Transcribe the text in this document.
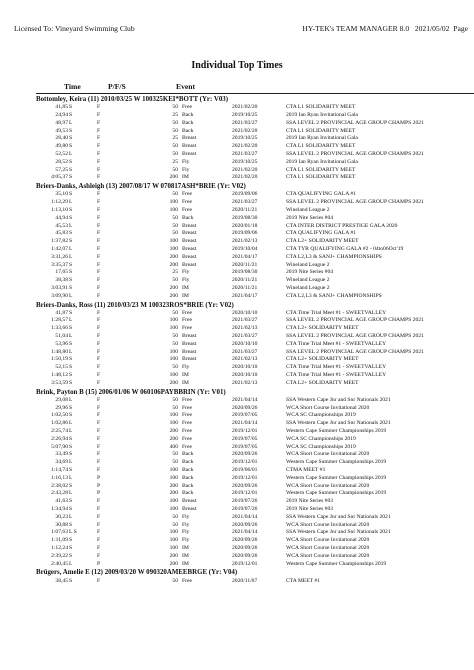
Licensed To: Vineyard Swimming Club	HY-TEK's TEAM MANAGER 8.0 2021/05/02 Page
Individual Top Times
Time	P/F/S	Event
Bottomley, Keira (11) 2010/03/25 W 100325KEI*BOTT (Yr: V03)
41,85 S	F	50 Free	2021/02/20	CTA L1 SOLIDARITY MEET
24,94 S	F	25 Back	2019/10/25	2019 Ian Ryan Invitational Gala
48,97 L	F	50 Back	2021/03/27	SSA LEVEL 2 PROVINCIAL AGE GROUP CHAMPS 2021
49,53 S	F	50 Back	2021/02/20	CTA L1 SOLIDARITY MEET
28,40 S	F	25 Breast	2019/10/25	2019 Ian Ryan Invitational Gala
49,80 S	F	50 Breast	2021/02/20	CTA L1 SOLIDARITY MEET
52,52 L	F	50 Breast	2021/03/27	SSA LEVEL 2 PROVINCIAL AGE GROUP CHAMPS 2021
28,52 S	F	25 Fly	2019/10/25	2019 Ian Ryan Invitational Gala
57,25 S	F	50 Fly	2021/02/20	CTA L1 SOLIDARITY MEET
4:05,37 S	F	200 IM	2021/02/20	CTA L1 SOLIDARITY MEET
Briers-Danks, Ashleigh (13) 2007/08/17 W 070817ASH*BRIE (Yr: V02)
35,10 S	F	50 Free	2019/09/06	CTA QUALIFYING GALA #1
1:12,29 L	F	100 Free	2021/03/27	SSA LEVEL 2 PROVINCIAL AGE GROUP CHAMPS 2021
1:13,10 S	F	100 Free	2020/11/21	Wineland League 2
44,94 S	F	50 Back	2019/08/30	2019 Nite Series #04
45,53 L	F	50 Breast	2020/01/18	CTA INTER DISTRICT PRESTIGE GALA 2020
45,83 S	F	50 Breast	2019/09/06	CTA QUALIFYING GALA #1
1:37,82 S	F	100 Breast	2021/02/13	CTA L2+ SOLIDARITY MEET
1:42,07 L	F	100 Breast	2019/10/04	CTA TYR QUALIFYING GALA #2 - 04to06Oct'19
3:31,26 L	F	200 Breast	2021/04/17	CTA L2,L3 & SANJ+ CHAMPIONSHIPS
3:35,37 S	F	200 Breast	2020/11/21	Wineland League 2
17,65 S	F	25 Fly	2019/08/30	2019 Nite Series #04
38,38 S	F	50 Fly	2020/11/21	Wineland League 2
3:03,91 S	F	200 IM	2020/11/21	Wineland League 2
3:09,90 L	F	200 IM	2021/04/17	CTA L2,L3 & SANJ+ CHAMPIONSHIPS
Briers-Danks, Ross (11) 2010/03/23 M 100323ROS*BRIE (Yr: V02)
41,87 S	F	50 Free	2020/10/10	CTA Time Trial Meet #1 - SWEETVALLEY
1:28,57 L	F	100 Free	2021/03/27	SSA LEVEL 2 PROVINCIAL AGE GROUP CHAMPS 2021
1:33,66 S	F	100 Free	2021/02/13	CTA L2+ SOLIDARITY MEET
51,04 L	F	50 Breast	2021/03/27	SSA LEVEL 2 PROVINCIAL AGE GROUP CHAMPS 2021
53,96 S	F	50 Breast	2020/10/10	CTA Time Trial Meet #1 - SWEETVALLEY
1:48,80 L	F	100 Breast	2021/03/27	SSA LEVEL 2 PROVINCIAL AGE GROUP CHAMPS 2021
1:50,19 S	F	100 Breast	2021/02/13	CTA L2+ SOLIDARITY MEET
52,15 S	F	50 Fly	2020/10/10	CTA Time Trial Meet #1 - SWEETVALLEY
1:48,12 S	F	100 IM	2020/10/10	CTA Time Trial Meet #1 - SWEETVALLEY
3:53,59 S	F	200 IM	2021/02/13	CTA L2+ SOLIDARITY MEET
Brink, Payton B (15) 2006/01/06 W 060106PAYBBRIN (Yr: V01)
29,08 L	F	50 Free	2021/04/14	SSA Western Cape Jnr and Snr Nationals 2021
29,96 S	F	50 Free	2020/09/26	WCA Short Course Invitational 2020
1:02,50 S	F	100 Free	2019/07/05	WCA SC Championships 2019
1:02,86 L	F	100 Free	2021/04/14	SSA Western Cape Jnr and Snr Nationals 2021
2:25,74 L	F	200 Free	2019/12/01	Western Cape Summer Championships 2019
2:26,94 S	F	200 Free	2019/07/05	WCA SC Championships 2019
5:07,90 S	F	400 Free	2019/07/05	WCA SC Championships 2019
33,49 S	F	50 Back	2020/09/26	WCA Short Course Invitational 2020
34,69 L	F	50 Back	2019/12/01	Western Cape Summer Championships 2019
1:14,74 S	F	100 Back	2019/06/01	CTMA MEET #1
1:16,13 L	P	100 Back	2019/12/01	Western Cape Summer Championships 2019
2:38,02 S	P	200 Back	2020/09/26	WCA Short Course Invitational 2020
2:43,28 L	P	200 Back	2019/12/01	Western Cape Summer Championships 2019
41,63 S	F	100 Breast	2019/07/26	2019 Nite Series #03
1:34,94 S	F	100 Breast	2019/07/26	2019 Nite Series #03
30,23 L	F	50 Fly	2021/04/14	SSA Western Cape Jnr and Snr Nationals 2021
30,88 S	F	50 Fly	2020/09/26	WCA Short Course Invitational 2020
1:07,63 L S	F	100 Fly	2021/04/14	SSA Western Cape Jnr and Snr Nationals 2021
1:11,09 S	F	100 Fly	2020/09/26	WCA Short Course Invitational 2020
1:12,24 S	F	100 IM	2020/09/26	WCA Short Course Invitational 2020
2:39,22 S	F	200 IM	2020/09/26	WCA Short Course Invitational 2020
2:40,45 L	P	200 IM	2019/12/01	Western Cape Summer Championships 2019
Brügers, Amelie E (12) 2009/03/20 W 090320AMEEBRGE (Yr: V04)
38,45 S	F	50 Free	2020/11/07	CTA MEET #1
